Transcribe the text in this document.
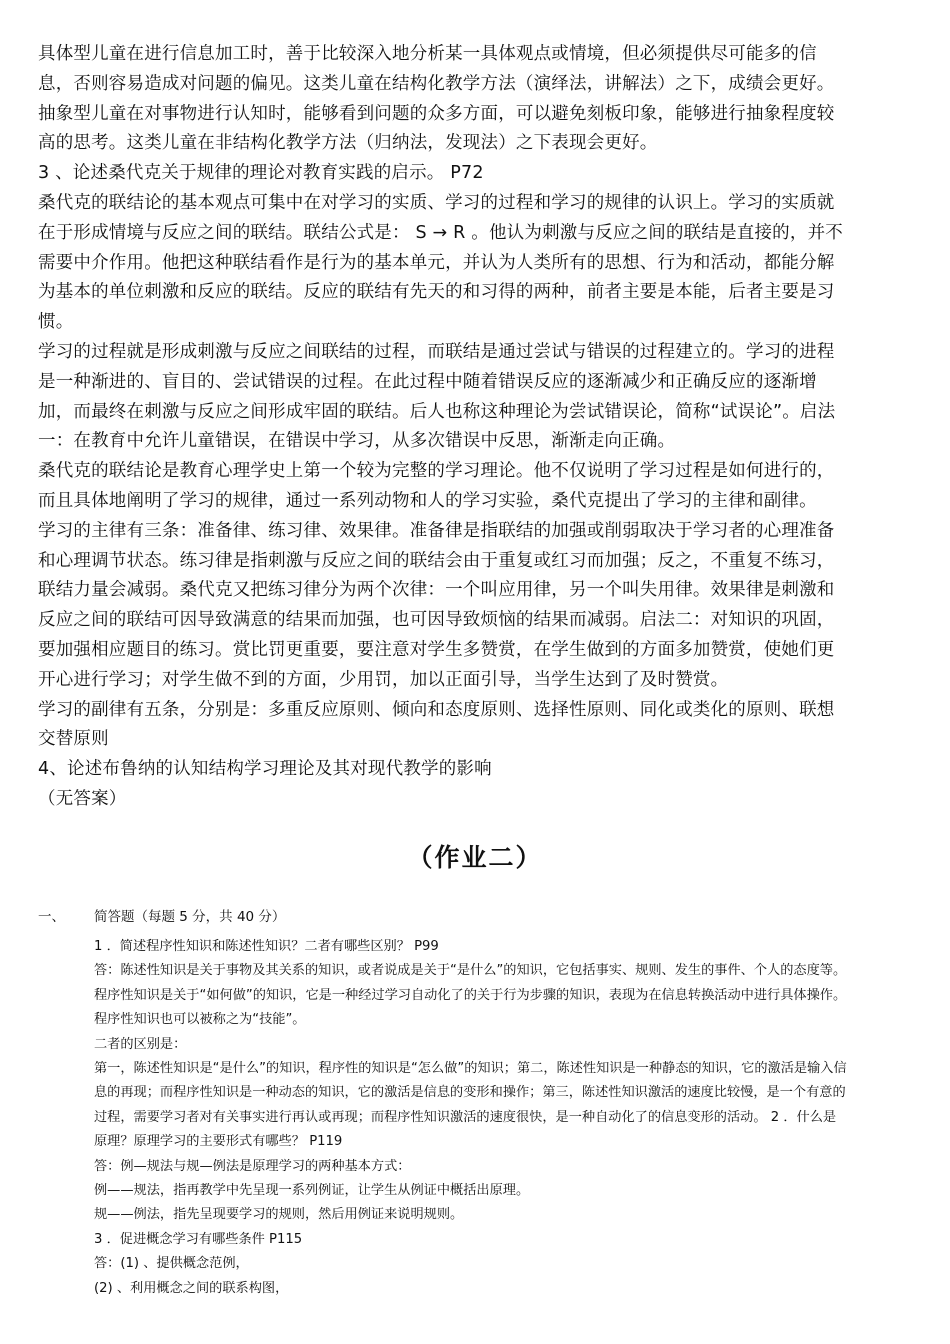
具体型儿童在进行信息加工时，善于比较深入地分析某一具体观点或情境，但必须提供尽可能多的信

息，否则容易造成对问题的偏见。这类儿童在结构化教学方法（演绎法，讲解法）之下，成绩会更好。

抽象型儿童在对事物进行认知时，能够看到问题的众多方面，可以避免刻板印象，能够进行抽象程度较

高的思考。这类儿童在非结构化教学方法（归纳法，发现法）之下表现会更好。

3 、论述桑代克关于规律的理论对教育实践的启示。 P72

桑代克的联结论的基本观点可集中在对学习的实质、学习的过程和学习的规律的认识上。学习的实质就

在于形成情境与反应之间的联结。联结公式是： S → R 。他认为刺激与反应之间的联结是直接的，并不

需要中介作用。他把这种联结看作是行为的基本单元，并认为人类所有的思想、行为和活动，都能分解

为基本的单位刺激和反应的联结。反应的联结有先天的和习得的两种，前者主要是本能，后者主要是习

惯。

学习的过程就是形成刺激与反应之间联结的过程，而联结是通过尝试与错误的过程建立的。学习的进程

是一种渐进的、盲目的、尝试错误的过程。在此过程中随着错误反应的逐渐减少和正确反应的逐渐增

加，而最终在刺激与反应之间形成牢固的联结。后人也称这种理论为尝试错误论，简称“试误论”。启法

一：在教育中允许儿童错误，在错误中学习，从多次错误中反思，渐渐走向正确。

桑代克的联结论是教育心理学史上第一个较为完整的学习理论。他不仅说明了学习过程是如何进行的，

而且具体地阐明了学习的规律，通过一系列动物和人的学习实验，桑代克提出了学习的主律和副律。

学习的主律有三条：准备律、练习律、效果律。准备律是指联结的加强或削弱取决于学习者的心理准备

和心理调节状态。练习律是指刺激与反应之间的联结会由于重复或红习而加强；反之，不重复不练习，

联结力量会减弱。桑代克又把练习律分为两个次律：一个叫应用律，另一个叫失用律。效果律是刺激和

反应之间的联结可因导致满意的结果而加强，也可因导致烦恼的结果而减弱。启法二：对知识的巩固，

要加强相应题目的练习。赏比罚更重要，要注意对学生多赞赏，在学生做到的方面多加赞赏，使她们更

开心进行学习；对学生做不到的方面，少用罚，加以正面引导，当学生达到了及时赞赏。

学习的副律有五条，分别是：多重反应原则、倾向和态度原则、选择性原则、同化或类化的原则、联想

交替原则

4、论述布鲁纳的认知结构学习理论及其对现代教学的影响

（无答案）

（作业二）
一、 简答题（每题 5 分，共 40 分）

1 ．简述程序性知识和陈述性知识？二者有哪些区别？ P99

答：陈述性知识是关于事物及其关系的知识，或者说成是关于“是什么”的知识，它包括事实、规则、发生的事件、个人的态度等。

程序性知识是关于“如何做”的知识，它是一种经过学习自动化了的关于行为步骤的知识，表现为在信息转换活动中进行具体操作。

程序性知识也可以被称之为“技能”。

二者的区别是：

第一，陈述性知识是“是什么”的知识，程序性的知识是“怎么做”的知识；第二，陈述性知识是一种静态的知识，它的激活是输入信

息的再现；而程序性知识是一种动态的知识，它的激活是信息的变形和操作；第三，陈述性知识激活的速度比较慢，是一个有意的

过程，需要学习者对有关事实进行再认或再现；而程序性知识激活的速度很快，是一种自动化了的信息变形的活动。 2 ．什么是

原理？原理学习的主要形式有哪些？ P119

答：例—规法与规—例法是原理学习的两种基本方式：

例——规法，指再教学中先呈现一系列例证，让学生从例证中概括出原理。

规——例法，指先呈现要学习的规则，然后用例证来说明规则。

3 ．促进概念学习有哪些条件 P115

答：(1) 、提供概念范例，

(2) 、利用概念之间的联系构图，
